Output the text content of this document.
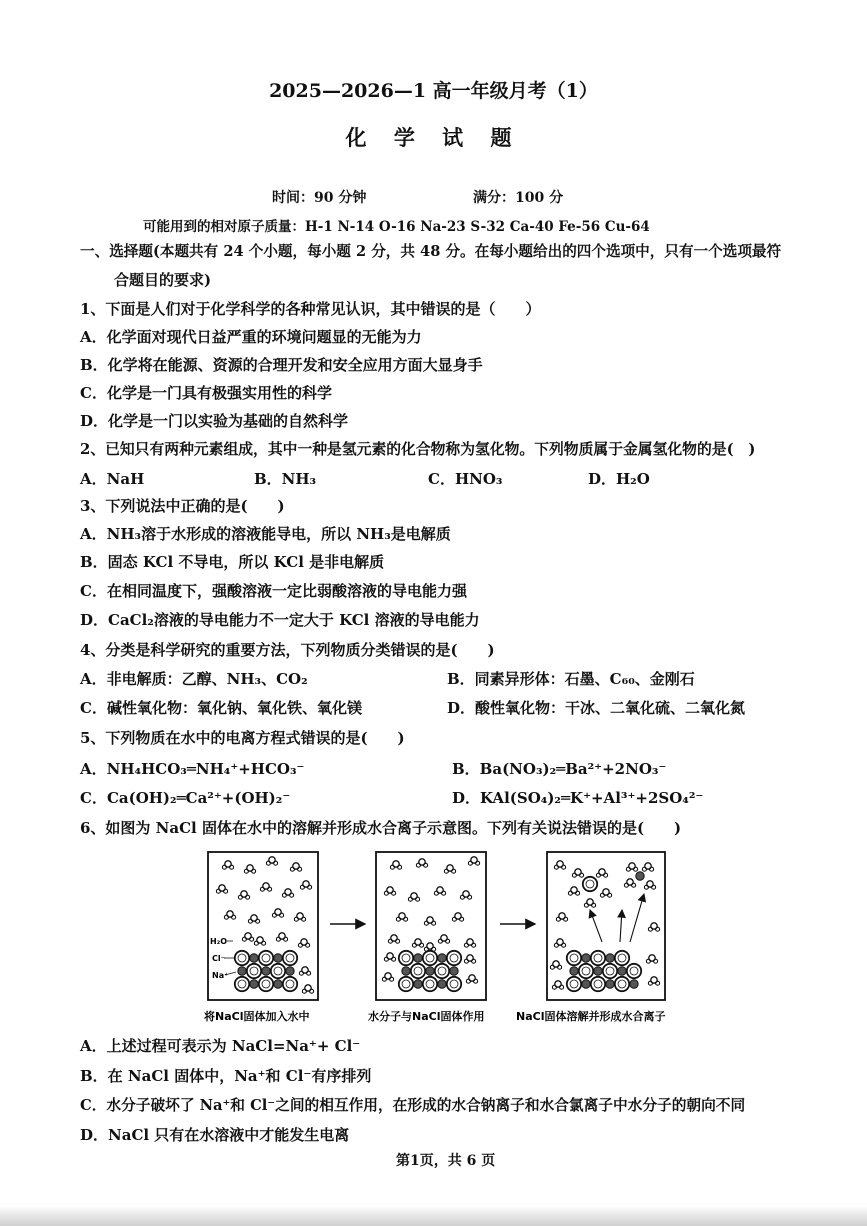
2025—2026—1 高一年级月考（1）
化 学 试 题
时间：90 分钟	满分：100 分
可能用到的相对原子质量：H-1 N-14 O-16 Na-23 S-32 Ca-40 Fe-56 Cu-64
一、选择题(本题共有 24 个小题，每小题 2 分，共 48 分。在每小题给出的四个选项中，只有一个选项最符
合题目的要求)
1、下面是人们对于化学科学的各种常见认识，其中错误的是（　　）
A．化学面对现代日益严重的环境问题显的无能为力
B．化学将在能源、资源的合理开发和安全应用方面大显身手
C．化学是一门具有极强实用性的科学
D．化学是一门以实验为基础的自然科学
2、已知只有两种元素组成，其中一种是氢元素的化合物称为氢化物。下列物质属于金属氢化物的是(　)
A．NaH	B．NH₃	C．HNO₃	D．H₂O
3、下列说法中正确的是(　　)
A．NH₃溶于水形成的溶液能导电，所以 NH₃是电解质
B．固态 KCl 不导电，所以 KCl 是非电解质
C．在相同温度下，强酸溶液一定比弱酸溶液的导电能力强
D．CaCl₂溶液的导电能力不一定大于 KCl 溶液的导电能力
4、分类是科学研究的重要方法，下列物质分类错误的是(　　)
A．非电解质：乙醇、NH₃、CO₂	B．同素异形体：石墨、C₆₀、金刚石
C．碱性氧化物：氧化钠、氧化铁、氧化镁	D．酸性氧化物：干冰、二氧化硫、二氧化氮
5、下列物质在水中的电离方程式错误的是(　　)
A．NH₄HCO₃═NH₄⁺+HCO₃⁻	B．Ba(NO₃)₂═Ba²⁺+2NO₃⁻
C．Ca(OH)₂═Ca²⁺+(OH)₂⁻	D．KAl(SO₄)₂═K⁺+Al³⁺+2SO₄²⁻
6、如图为 NaCl 固体在水中的溶解并形成水合离子示意图。下列有关说法错误的是(　　)
H₂O
Cl⁻
Na⁺
将NaCl固体加入水中	水分子与NaCl固体作用	NaCl固体溶解并形成水合离子
A．上述过程可表示为 NaCl=Na⁺+ Cl⁻
B．在 NaCl 固体中，Na⁺和 Cl⁻有序排列
C．水分子破坏了 Na⁺和 Cl⁻之间的相互作用，在形成的水合钠离子和水合氯离子中水分子的朝向不同
D．NaCl 只有在水溶液中才能发生电离
第1页，共 6 页
